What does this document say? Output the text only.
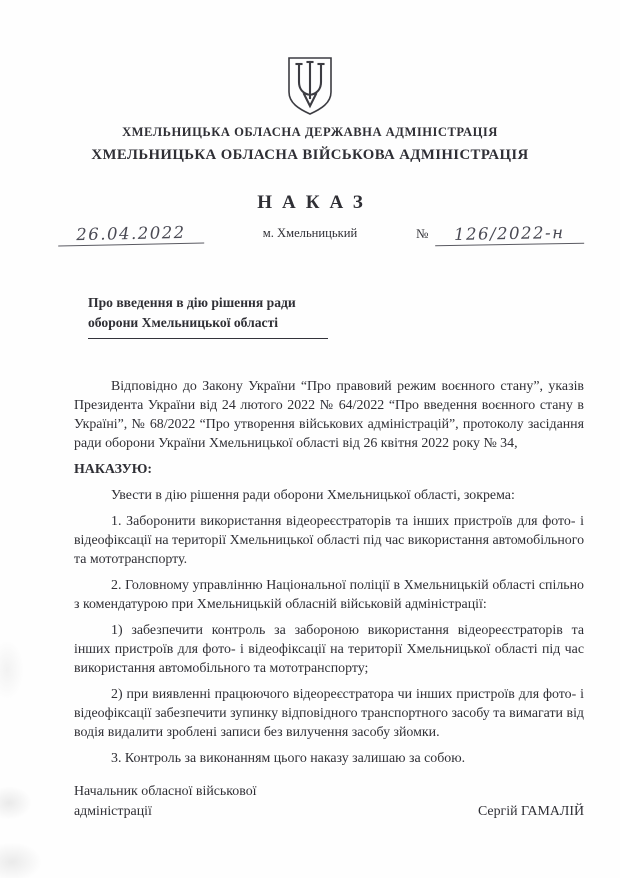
ХМЕЛЬНИЦЬКА ОБЛАСНА ДЕРЖАВНА АДМІНІСТРАЦІЯ
ХМЕЛЬНИЦЬКА ОБЛАСНА ВІЙСЬКОВА АДМІНІСТРАЦІЯ
НАКАЗ
26.04.2022	м. Хмельницький	№	126/2022-н
Про введення в дію рішення ради
оборони Хмельницької області

Відповідно до Закону України “Про правовий режим воєнного стану”, указів Президента України від 24 лютого 2022 № 64/2022 “Про введення воєнного стану в Україні”, № 68/2022 “Про утворення військових адміністрацій”, протоколу засідання ради оборони України Хмельницької області від 26 квітня 2022 року № 34,

НАКАЗУЮ:

Увести в дію рішення ради оборони Хмельницької області, зокрема:

1. Заборонити використання відеореєстраторів та інших пристроїв для фото- і відеофіксації на території Хмельницької області під час використання автомобільного та мототранспорту.

2. Головному управлінню Національної поліції в Хмельницькій області спільно з комендатурою при Хмельницькій обласній військовій адміністрації:

1) забезпечити контроль за забороною використання відеореєстраторів та інших пристроїв для фото- і відеофіксації на території Хмельницької області під час використання автомобільного та мототранспорту;

2) при виявленні працюючого відеореєстратора чи інших пристроїв для фото- і відеофіксації забезпечити зупинку відповідного транспортного засобу та вимагати від водія видалити зроблені записи без вилучення засобу зйомки.

3. Контроль за виконанням цього наказу залишаю за собою.

Начальник обласної військової
адміністрації	Сергій ГАМАЛІЙ
